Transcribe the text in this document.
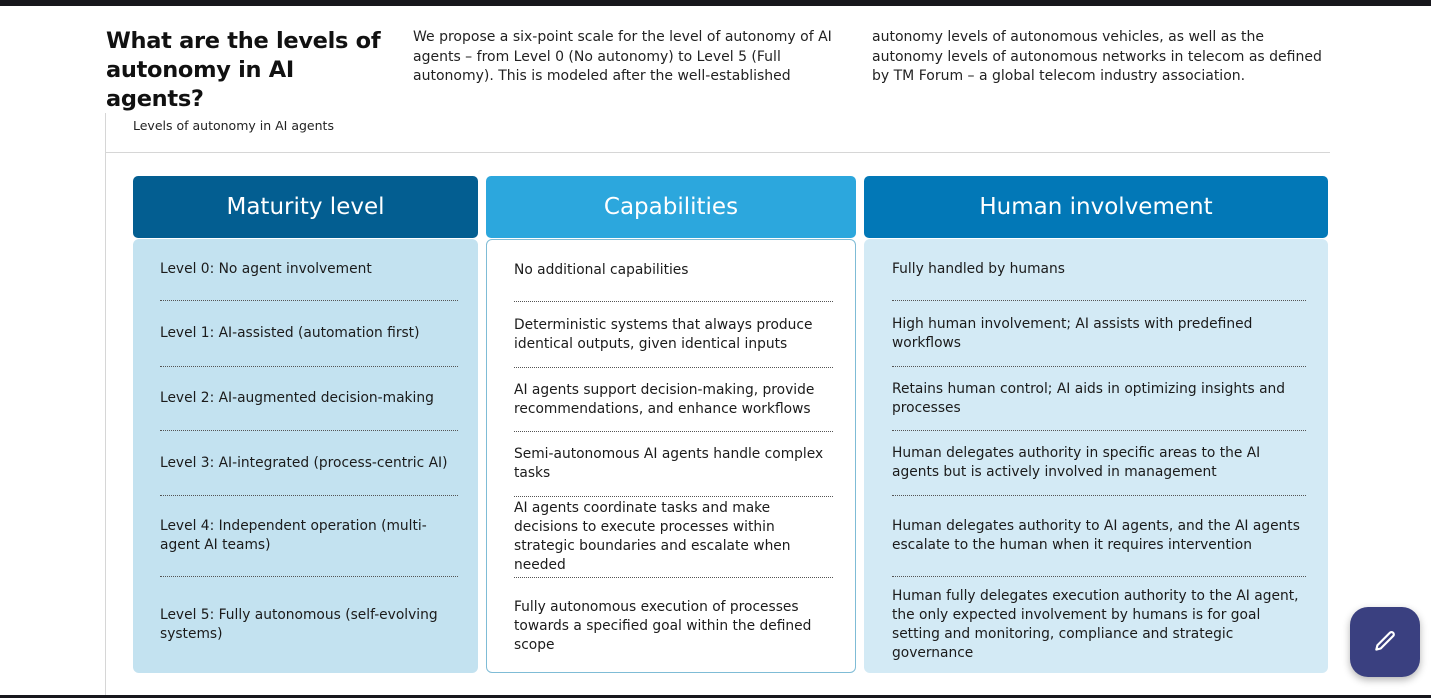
What are the levels of autonomy in AI agents?

We propose a six-point scale for the level of autonomy of AI agents – from Level 0 (No autonomy) to Level 5 (Full autonomy). This is modeled after the well-established

autonomy levels of autonomous vehicles, as well as the autonomy levels of autonomous networks in telecom as defined by TM Forum – a global telecom industry association.

Levels of autonomy in AI agents
Maturity level
Level 0: No agent involvement
Level 1: AI-assisted (automation first)
Level 2: AI-augmented decision-making
Level 3: AI-integrated (process-centric AI)
Level 4: Independent operation (multi-agent AI teams)
Level 5: Fully autonomous (self-evolving systems)
Capabilities
No additional capabilities
Deterministic systems that always produce identical outputs, given identical inputs
AI agents support decision-making, provide recommendations, and enhance workflows
Semi-autonomous AI agents handle complex tasks
AI agents coordinate tasks and make decisions to execute processes within strategic boundaries and escalate when needed
Fully autonomous execution of processes towards a specified goal within the defined scope
Human involvement
Fully handled by humans
High human involvement; AI assists with predefined workflows
Retains human control; AI aids in optimizing insights and processes
Human delegates authority in specific areas to the AI agents but is actively involved in management
Human delegates authority to AI agents, and the AI agents escalate to the human when it requires intervention
Human fully delegates execution authority to the AI agent, the only expected involvement by humans is for goal setting and monitoring, compliance and strategic governance
